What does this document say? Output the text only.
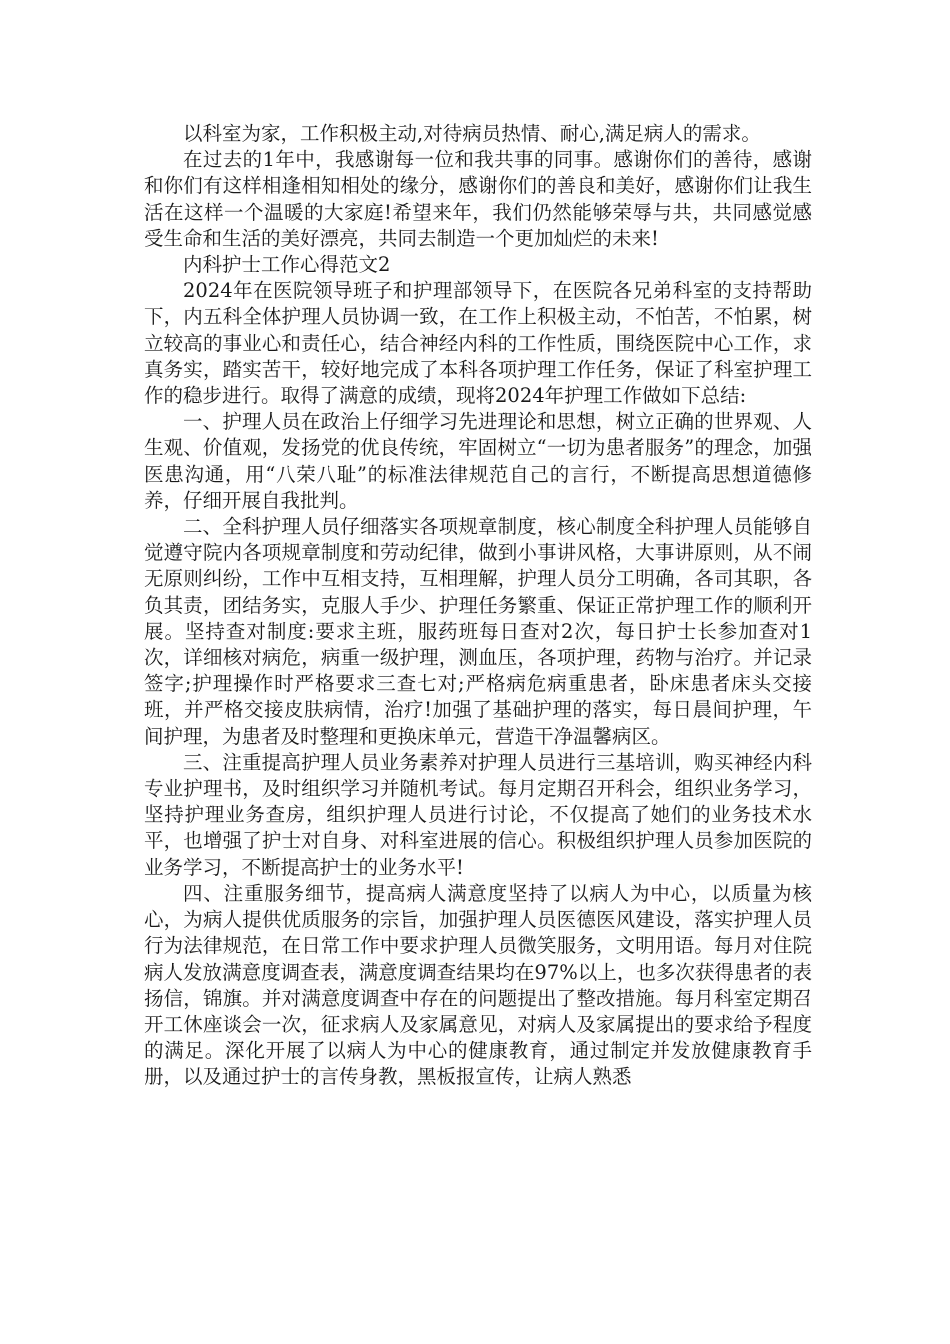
以科室为家，工作积极主动,对待病员热情、耐心,满足病人的需求。

在过去的1年中，我感谢每一位和我共事的同事。感谢你们的善待，感谢和你们有这样相逢相知相处的缘分，感谢你们的善良和美好，感谢你们让我生活在这样一个温暖的大家庭!希望来年，我们仍然能够荣辱与共，共同感觉感受生命和生活的美好漂亮，共同去制造一个更加灿烂的未来!

内科护士工作心得范文2

2024年在医院领导班子和护理部领导下，在医院各兄弟科室的支持帮助下，内五科全体护理人员协调一致，在工作上积极主动，不怕苦，不怕累，树立较高的事业心和责任心，结合神经内科的工作性质，围绕医院中心工作，求真务实，踏实苦干，较好地完成了本科各项护理工作任务，保证了科室护理工作的稳步进行。取得了满意的成绩，现将2024年护理工作做如下总结:

一、护理人员在政治上仔细学习先进理论和思想，树立正确的世界观、人生观、价值观，发扬党的优良传统，牢固树立“一切为患者服务”的理念，加强医患沟通，用“八荣八耻”的标准法律规范自己的言行，不断提高思想道德修养，仔细开展自我批判。

二、全科护理人员仔细落实各项规章制度，核心制度全科护理人员能够自觉遵守院内各项规章制度和劳动纪律，做到小事讲风格，大事讲原则，从不闹无原则纠纷，工作中互相支持，互相理解，护理人员分工明确，各司其职，各负其责，团结务实，克服人手少、护理任务繁重、保证正常护理工作的顺利开展。坚持查对制度:要求主班，服药班每日查对2次，每日护士长参加查对1次，详细核对病危，病重一级护理，测血压，各项护理，药物与治疗。并记录签字;护理操作时严格要求三查七对;严格病危病重患者，卧床患者床头交接班，并严格交接皮肤病情，治疗!加强了基础护理的落实，每日晨间护理，午间护理，为患者及时整理和更换床单元，营造干净温馨病区。

三、注重提高护理人员业务素养对护理人员进行三基培训，购买神经内科专业护理书，及时组织学习并随机考试。每月定期召开科会，组织业务学习，坚持护理业务查房，组织护理人员进行讨论，不仅提高了她们的业务技术水平，也增强了护士对自身、对科室进展的信心。积极组织护理人员参加医院的业务学习，不断提高护士的业务水平!

四、注重服务细节，提高病人满意度坚持了以病人为中心，以质量为核心，为病人提供优质服务的宗旨，加强护理人员医德医风建设，落实护理人员行为法律规范，在日常工作中要求护理人员微笑服务，文明用语。每月对住院病人发放满意度调查表，满意度调查结果均在97%以上，也多次获得患者的表扬信，锦旗。并对满意度调查中存在的问题提出了整改措施。每月科室定期召开工休座谈会一次，征求病人及家属意见，对病人及家属提出的要求给予程度的满足。深化开展了以病人为中心的健康教育，通过制定并发放健康教育手册，以及通过护士的言传身教，黑板报宣传，让病人熟悉
